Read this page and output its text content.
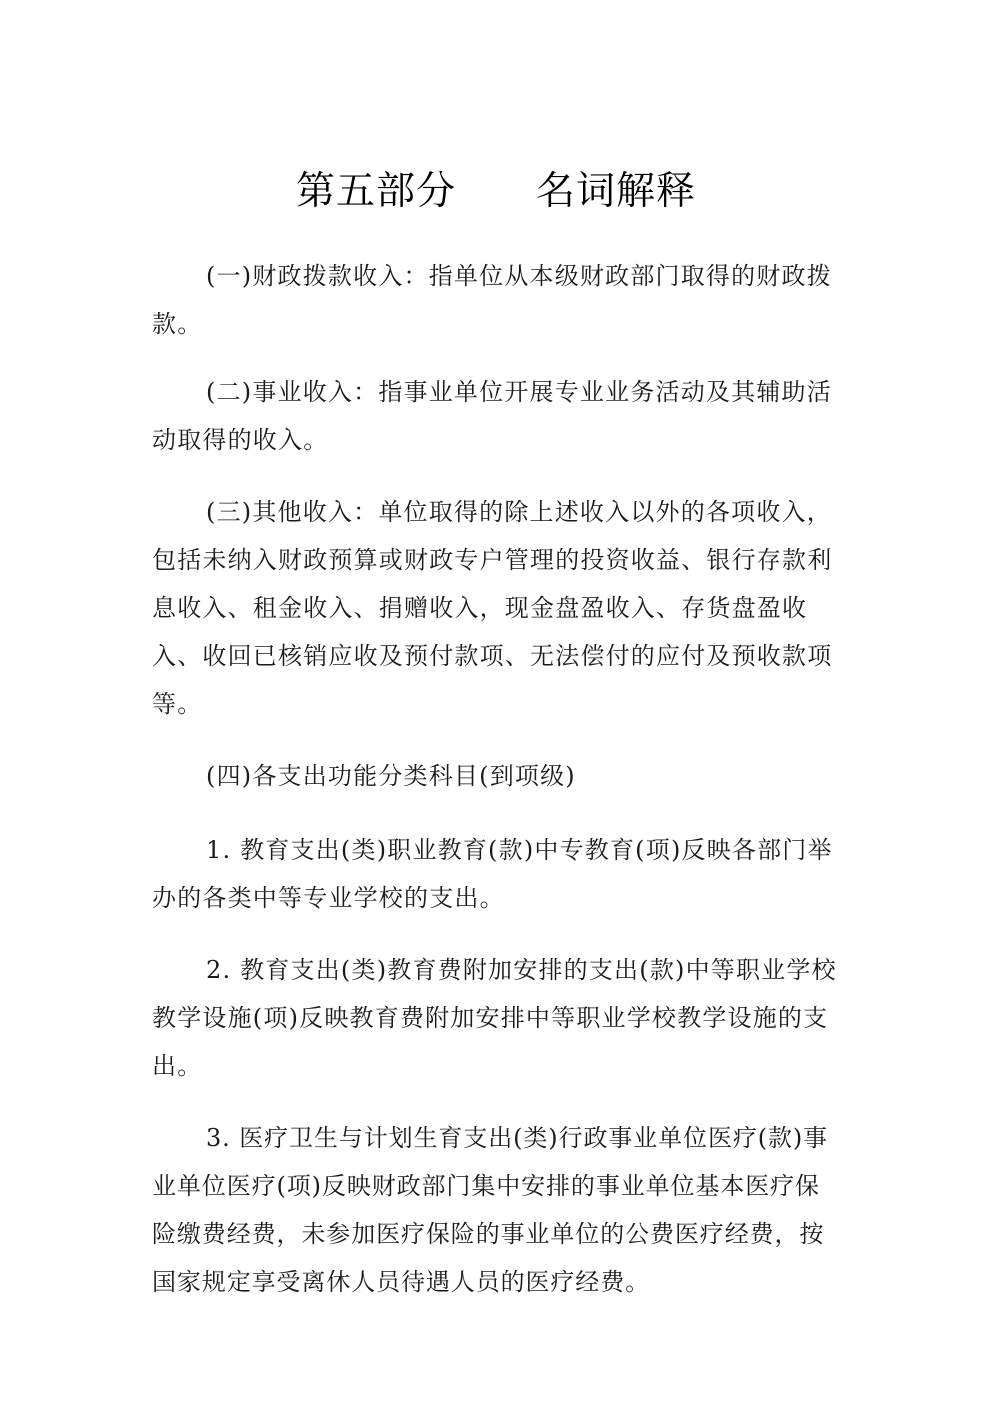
第五部分　　名词解释

(一)财政拨款收入：指单位从本级财政部门取得的财政拨款。

(二)事业收入：指事业单位开展专业业务活动及其辅助活动取得的收入。

(三)其他收入：单位取得的除上述收入以外的各项收入，包括未纳入财政预算或财政专户管理的投资收益、银行存款利息收入、租金收入、捐赠收入，现金盘盈收入、存货盘盈收入、收回已核销应收及预付款项、无法偿付的应付及预收款项等。

(四)各支出功能分类科目(到项级)

1. 教育支出(类)职业教育(款)中专教育(项)反映各部门举办的各类中等专业学校的支出。

2. 教育支出(类)教育费附加安排的支出(款)中等职业学校教学设施(项)反映教育费附加安排中等职业学校教学设施的支出。

3. 医疗卫生与计划生育支出(类)行政事业单位医疗(款)事业单位医疗(项)反映财政部门集中安排的事业单位基本医疗保险缴费经费，未参加医疗保险的事业单位的公费医疗经费，按国家规定享受离休人员待遇人员的医疗经费。
